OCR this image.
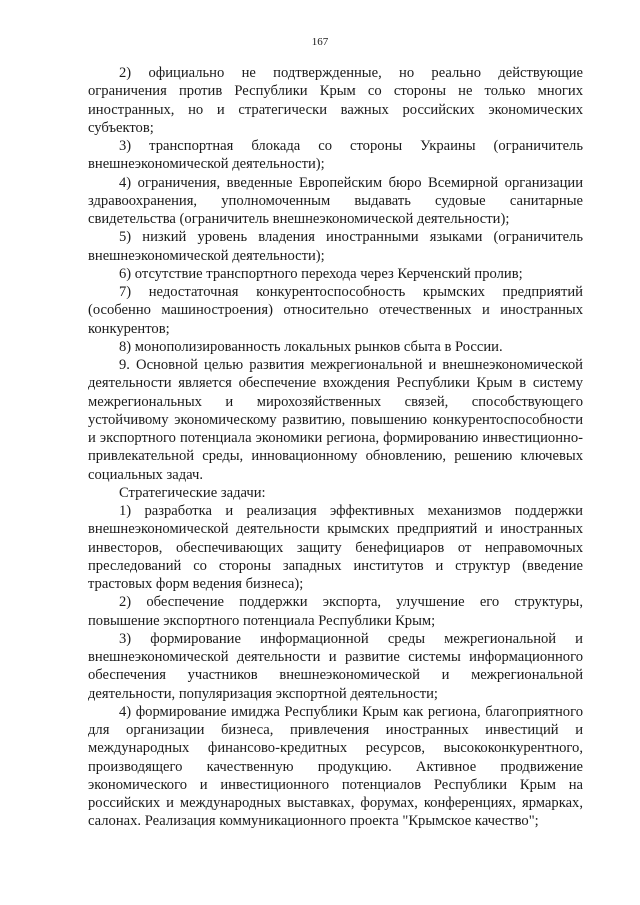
167

2) официально не подтвержденные, но реально действующие ограничения против Республики Крым со стороны не только многих иностранных, но и стратегически важных российских экономических субъектов;

3) транспортная блокада со стороны Украины (ограничитель внешнеэкономической деятельности);

4) ограничения, введенные Европейским бюро Всемирной организации здравоохранения, уполномоченным выдавать судовые санитарные свидетельства (ограничитель внешнеэкономической деятельности);

5) низкий уровень владения иностранными языками (ограничитель внешнеэкономической деятельности);

6) отсутствие транспортного перехода через Керченский пролив;

7) недостаточная конкурентоспособность крымских предприятий (особенно машиностроения) относительно отечественных и иностранных конкурентов;

8) монополизированность локальных рынков сбыта в России.

9. Основной целью развития межрегиональной и внешнеэкономической деятельности является обеспечение вхождения Республики Крым в систему межрегиональных и мирохозяйственных связей, способствующего устойчивому экономическому развитию, повышению конкурентоспособности и экспортного потенциала экономики региона, формированию инвестиционно-привлекательной среды, инновационному обновлению, решению ключевых социальных задач.

Стратегические задачи:

1) разработка и реализация эффективных механизмов поддержки внешнеэкономической деятельности крымских предприятий и иностранных инвесторов, обеспечивающих защиту бенефициаров от неправомочных преследований со стороны западных институтов и структур (введение трастовых форм ведения бизнеса);

2) обеспечение поддержки экспорта, улучшение его структуры, повышение экспортного потенциала Республики Крым;

3) формирование информационной среды межрегиональной и внешнеэкономической деятельности и развитие системы информационного обеспечения участников внешнеэкономической и межрегиональной деятельности, популяризация экспортной деятельности;

4) формирование имиджа Республики Крым как региона, благоприятного для организации бизнеса, привлечения иностранных инвестиций и международных финансово-кредитных ресурсов, высококонкурентного, производящего качественную продукцию. Активное продвижение экономического и инвестиционного потенциалов Республики Крым на российских и международных выставках, форумах, конференциях, ярмарках, салонах. Реализация коммуникационного проекта "Крымское качество";
